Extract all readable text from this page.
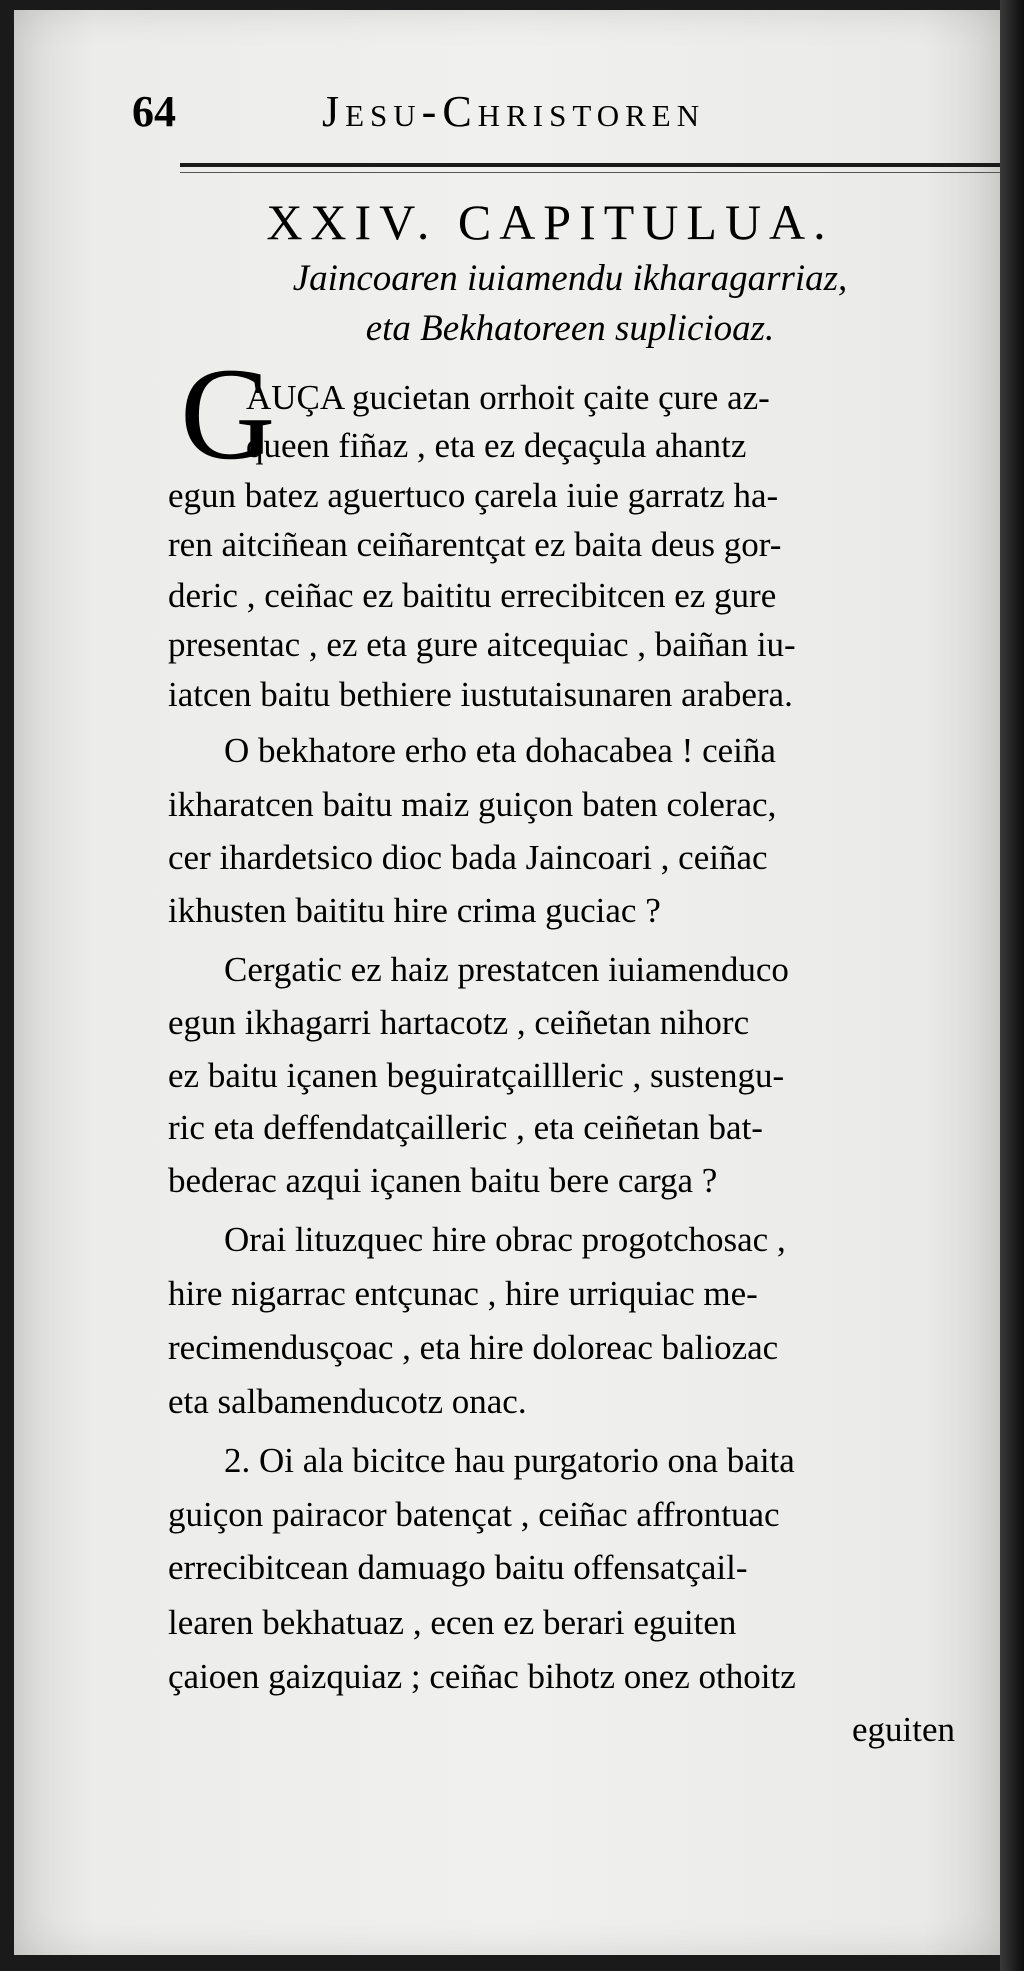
64	Jesu-Christoren
XXIV. CAPITULUA.
Jaincoaren iuiamendu ikharagarriaz,
eta Bekhatoreen suplicioaz.
G
AUÇA gucietan orrhoit çaite çure az-
queen fiñaz , eta ez deçaçula ahantz
egun batez aguertuco çarela iuie garratz ha-
ren aitciñean ceiñarentçat ez baita deus gor-
deric , ceiñac ez baititu errecibitcen ez gure
presentac , ez eta gure aitcequiac , baiñan iu-
iatcen baitu bethiere iustutaisunaren arabera.
O bekhatore erho eta dohacabea ! ceiña
ikharatcen baitu maiz guiçon baten colerac,
cer ihardetsico dioc bada Jaincoari , ceiñac
ikhusten baititu hire crima guciac ?
Cergatic ez haiz prestatcen iuiamenduco
egun ikhagarri hartacotz , ceiñetan nihorc
ez baitu içanen beguiratçaillleric , sustengu-
ric eta deffendatçailleric , eta ceiñetan bat-
bederac azqui içanen baitu bere carga ?
Orai lituzquec hire obrac progotchosac ,
hire nigarrac entçunac , hire urriquiac me-
recimendusçoac , eta hire doloreac baliozac
eta salbamenducotz onac.
2. Oi ala bicitce hau purgatorio ona baita
guiçon pairacor batençat , ceiñac affrontuac
errecibitcean damuago baitu offensatçail-
learen bekhatuaz , ecen ez berari eguiten
çaioen gaizquiaz ; ceiñac bihotz onez othoitz
eguiten
